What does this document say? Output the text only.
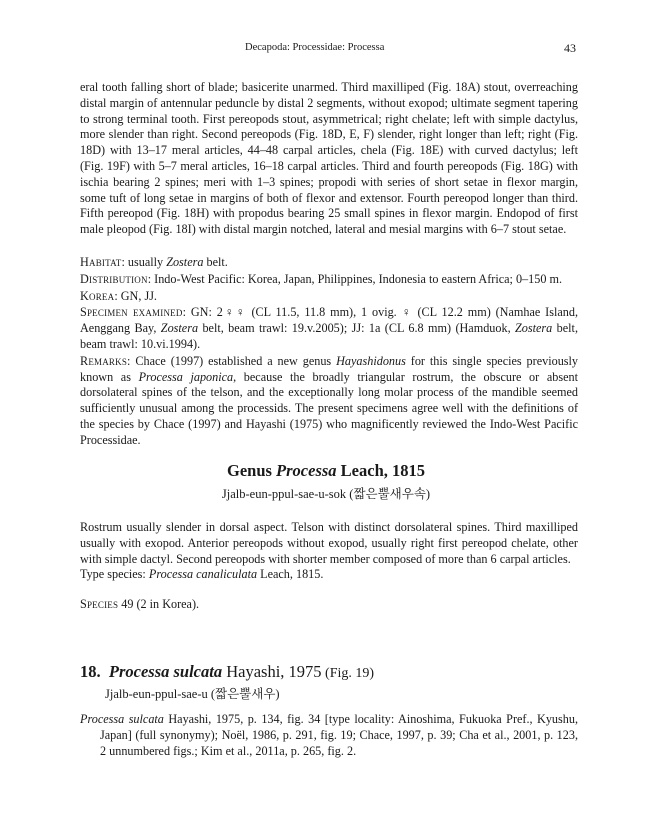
Decapoda: Processidae: Processa	43

eral tooth falling short of blade; basicerite unarmed. Third maxilliped (Fig. 18A) stout, overreaching distal margin of antennular peduncle by distal 2 segments, without exopod; ultimate segment tapering to strong terminal tooth. First pereopods stout, asymmetrical; right chelate; left with simple dactylus, more slender than right. Second pereopods (Fig. 18D, E, F) slender, right longer than left; right (Fig. 18D) with 13–17 meral articles, 44–48 carpal articles, chela (Fig. 18E) with curved dactylus; left (Fig. 19F) with 5–7 meral articles, 16–18 carpal articles. Third and fourth pereopods (Fig. 18G) with ischia bearing 2 spines; meri with 1–3 spines; propodi with series of short setae in flexor margin, some tuft of long setae in margins of both of flexor and extensor. Fourth pereopod longer than third. Fifth pereopod (Fig. 18H) with propodus bearing 25 small spines in flexor margin. Endopod of first male pleopod (Fig. 18I) with distal margin notched, lateral and mesial margins with 6–7 stout setae.

Habitat: usually Zostera belt.

Distribution: Indo-West Pacific: Korea, Japan, Philippines, Indonesia to eastern Africa; 0–150 m.

Korea: GN, JJ.

Specimen examined: GN: 2♀♀ (CL 11.5, 11.8 mm), 1 ovig. ♀ (CL 12.2 mm) (Namhae Island, Aenggang Bay, Zostera belt, beam trawl: 19.v.2005); JJ: 1a (CL 6.8 mm) (Hamduok, Zostera belt, beam trawl: 10.vi.1994).

Remarks: Chace (1997) established a new genus Hayashidonus for this single species previously known as Processa japonica, because the broadly triangular rostrum, the obscure or absent dorsolateral spines of the telson, and the exceptionally long molar process of the mandible seemed sufficiently unusual among the processids. The present specimens agree well with the definitions of the species by Chace (1997) and Hayashi (1975) who magnificently reviewed the Indo-West Pacific Processidae.

Genus Processa Leach, 1815
Jjalb-eun-ppul-sae-u-sok (짧은뿔새우속)

Rostrum usually slender in dorsal aspect. Telson with distinct dorsolateral spines. Third maxilliped usually with exopod. Anterior pereopods without exopod, usually right first pereopod chelate, other with simple dactyl. Second pereopods with shorter member composed of more than 6 carpal articles.

Type species: Processa canaliculata Leach, 1815.

Species 49 (2 in Korea).

18. Processa sulcata Hayashi, 1975 (Fig. 19)
Jjalb-eun-ppul-sae-u (짧은뿔새우)
Processa sulcata Hayashi, 1975, p. 134, fig. 34 [type locality: Ainoshima, Fukuoka Pref., Kyushu, Japan] (full synonymy); Noël, 1986, p. 291, fig. 19; Chace, 1997, p. 39; Cha et al., 2001, p. 123, 2 unnumbered figs.; Kim et al., 2011a, p. 265, fig. 2.
